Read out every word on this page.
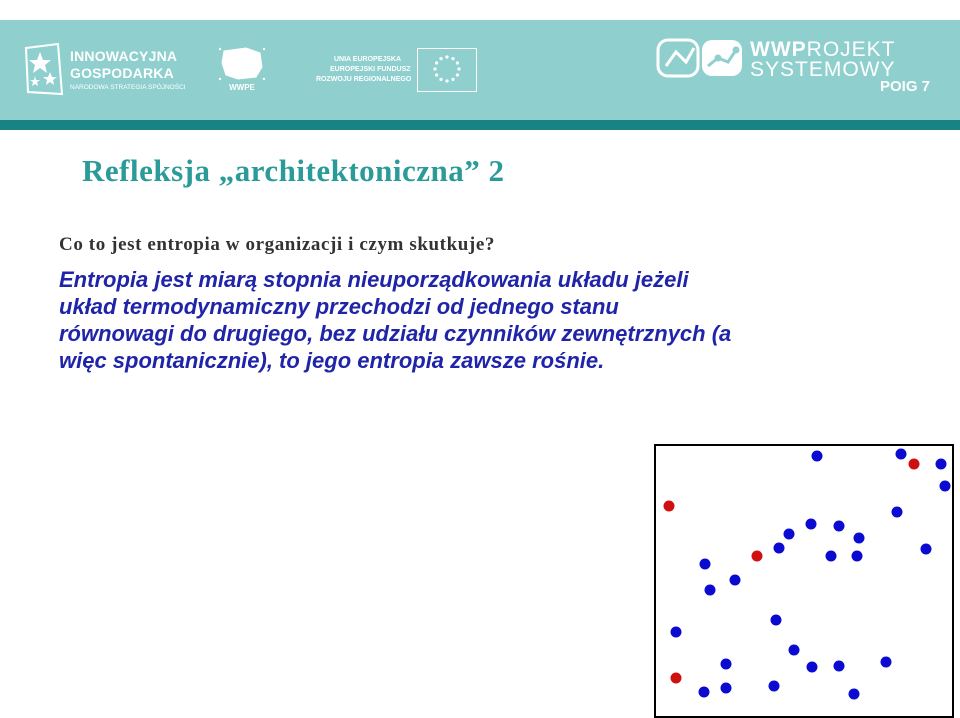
INNOWACYJNA
GOSPODARKA
NARODOWA STRATEGIA SPÓJNOŚCI	WWPE
UNIA EUROPEJSKA
EUROPEJSKI FUNDUSZ
ROZWOJU REGIONALNEGO
WWPROJEKT
SYSTEMOWY
POIG 7
Refleksja „architektoniczna” 2
Co to jest entropia w organizacji i czym skutkuje?
Entropia jest miarą stopnia nieuporządkowania układu jeżeli
układ termodynamiczny przechodzi od jednego stanu
równowagi do drugiego, bez udziału czynników zewnętrznych (a
więc spontanicznie), to jego entropia zawsze rośnie.
